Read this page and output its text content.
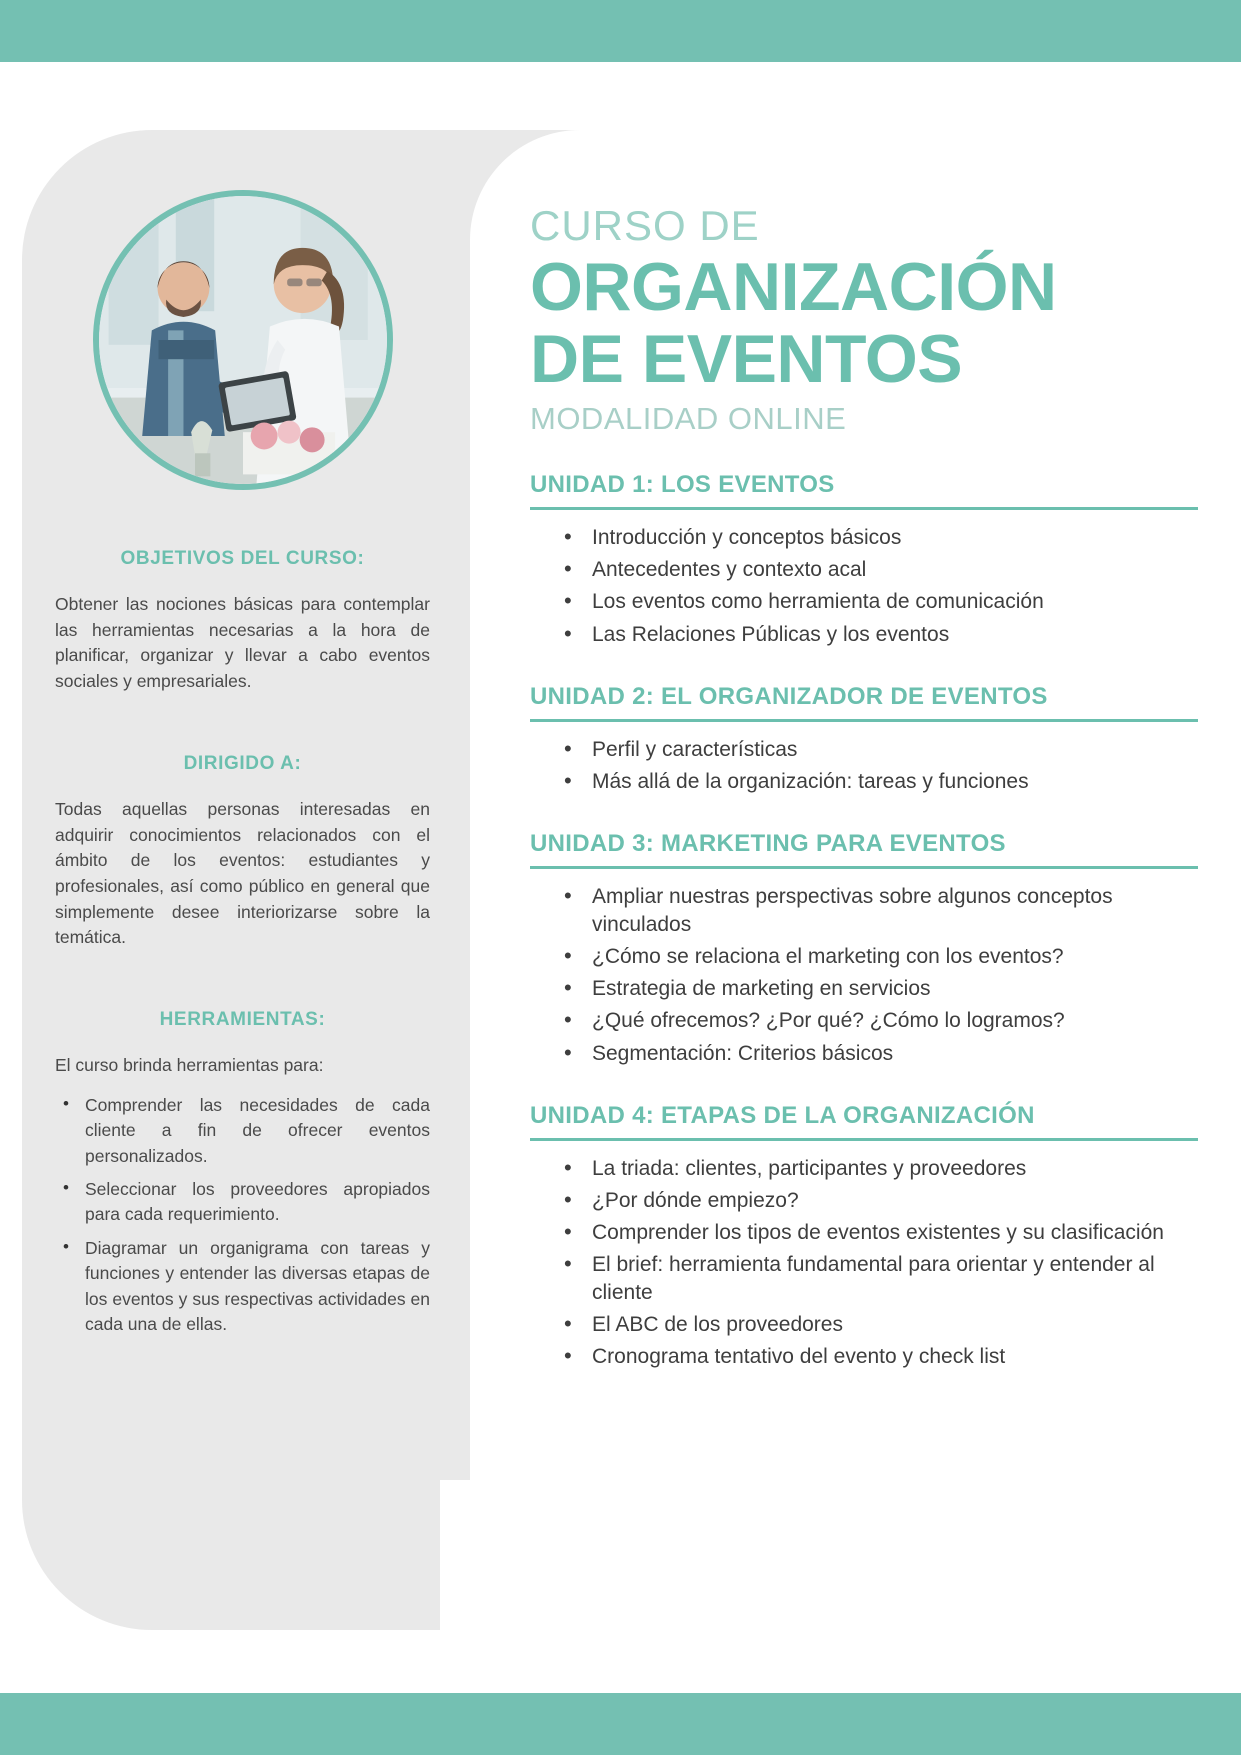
OBJETIVOS DEL CURSO:

Obtener las nociones básicas para contemplar las herramientas necesarias a la hora de planificar, organizar y llevar a cabo eventos sociales y empresariales.

DIRIGIDO A:

Todas aquellas personas interesadas en adquirir conocimientos relacionados con el ámbito de los eventos: estudiantes y profesionales, así como público en general que simplemente desee interiorizarse sobre la temática.

HERRAMIENTAS:

El curso brinda herramientas para:

• Comprender las necesidades de cada cliente a fin de ofrecer eventos personalizados.
• Seleccionar los proveedores apropiados para cada requerimiento.
• Diagramar un organigrama con tareas y funciones y entender las diversas etapas de los eventos y sus respectivas actividades en cada una de ellas.
CURSO DE
ORGANIZACIÓN
DE EVENTOS
MODALIDAD ONLINE
UNIDAD 1: LOS EVENTOS
• Introducción y conceptos básicos
• Antecedentes y contexto acal
• Los eventos como herramienta de comunicación
• Las Relaciones Públicas y los eventos
UNIDAD 2: EL ORGANIZADOR DE EVENTOS
• Perfil y características
• Más allá de la organización: tareas y funciones
UNIDAD 3: MARKETING PARA EVENTOS
• Ampliar nuestras perspectivas sobre algunos conceptos vinculados
• ¿Cómo se relaciona el marketing con los eventos?
• Estrategia de marketing en servicios
• ¿Qué ofrecemos? ¿Por qué? ¿Cómo lo logramos?
• Segmentación: Criterios básicos
UNIDAD 4: ETAPAS DE LA ORGANIZACIÓN
• La triada: clientes, participantes y proveedores
• ¿Por dónde empiezo?
• Comprender los tipos de eventos existentes y su clasificación
• El brief: herramienta fundamental para orientar y entender al cliente
• El ABC de los proveedores
• Cronograma tentativo del evento y check list
